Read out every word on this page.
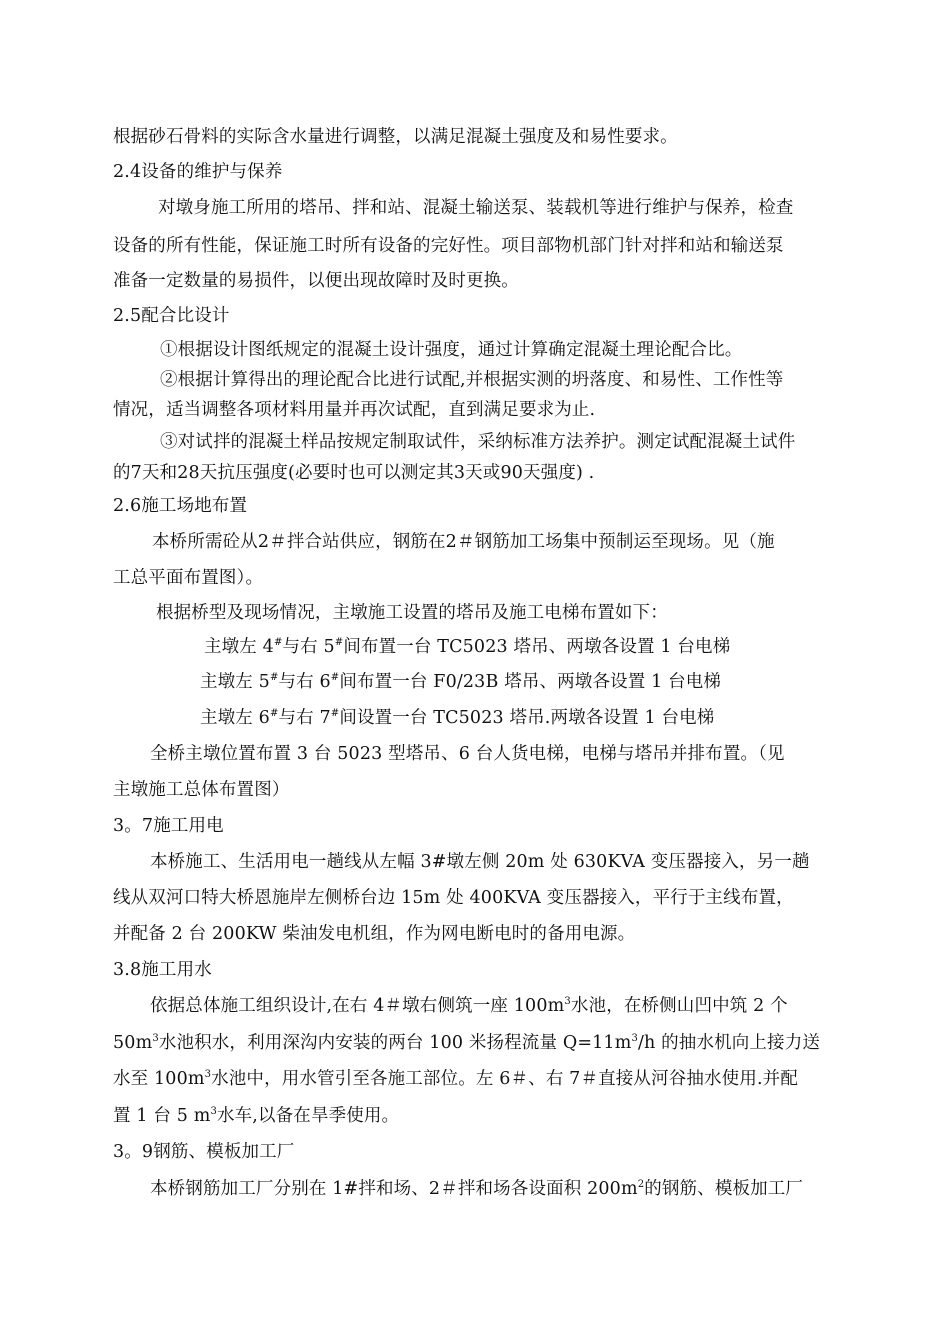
根据砂石骨料的实际含水量进行调整，以满足混凝土强度及和易性要求。
2.4设备的维护与保养
对墩身施工所用的塔吊、拌和站、混凝土输送泵、装载机等进行维护与保养，检查
设备的所有性能，保证施工时所有设备的完好性。项目部物机部门针对拌和站和输送泵
准备一定数量的易损件，以便出现故障时及时更换。
2.5配合比设计
①根据设计图纸规定的混凝土设计强度，通过计算确定混凝土理论配合比。
②根据计算得出的理论配合比进行试配,并根据实测的坍落度、和易性、工作性等
情况，适当调整各项材料用量并再次试配，直到满足要求为止.
③对试拌的混凝土样品按规定制取试件，采纳标准方法养护。测定试配混凝土试件
的7天和28天抗压强度(必要时也可以测定其3天或90天强度) .
2.6施工场地布置
本桥所需砼从2＃拌合站供应，钢筋在2＃钢筋加工场集中预制运至现场。见（施
工总平面布置图）。
根据桥型及现场情况，主墩施工设置的塔吊及施工电梯布置如下：
主墩左 4#与右 5#间布置一台 TC5023 塔吊、两墩各设置 1 台电梯
主墩左 5#与右 6#间布置一台 F0/23B 塔吊、两墩各设置 1 台电梯
主墩左 6#与右 7#间设置一台 TC5023 塔吊.两墩各设置 1 台电梯
全桥主墩位置布置 3 台 5023 型塔吊、6 台人货电梯，电梯与塔吊并排布置。（见
主墩施工总体布置图）
3。7施工用电
本桥施工、生活用电一趟线从左幅 3#墩左侧 20m 处 630KVA 变压器接入，另一趟
线从双河口特大桥恩施岸左侧桥台边 15m 处 400KVA 变压器接入，平行于主线布置，
并配备 2 台 200KW 柴油发电机组，作为网电断电时的备用电源。
3.8施工用水
依据总体施工组织设计,在右 4＃墩右侧筑一座 $100m^3$水池，在桥侧山凹中筑 2 个
$50m^3$水池积水，利用深沟内安装的两台 100 米扬程流量 $Q=11m^3/h$ 的抽水机向上接力送
水至 $100m^3$水池中，用水管引至各施工部位。左 6＃、右 7＃直接从河谷抽水使用.并配
置 1 台 5 $m^3$水车,以备在旱季使用。
3。9钢筋、模板加工厂
本桥钢筋加工厂分别在 1#拌和场、2＃拌和场各设面积 $200m^2$的钢筋、模板加工厂
